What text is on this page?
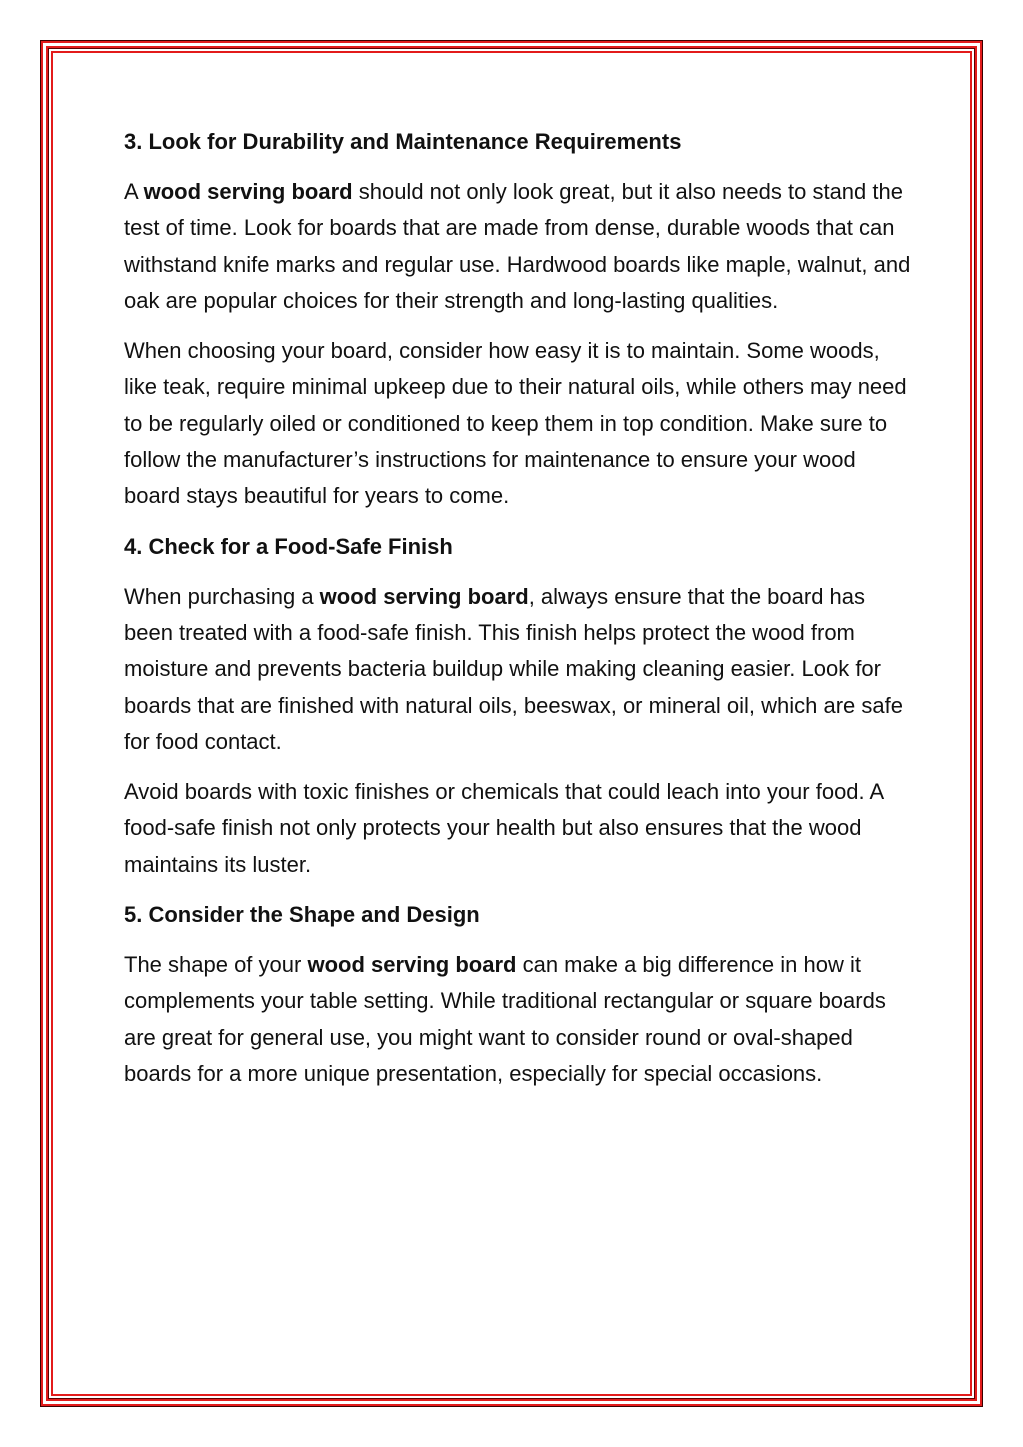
3. Look for Durability and Maintenance Requirements

A wood serving board should not only look great, but it also needs to stand the test of time. Look for boards that are made from dense, durable woods that can withstand knife marks and regular use. Hardwood boards like maple, walnut, and oak are popular choices for their strength and long-lasting qualities.

When choosing your board, consider how easy it is to maintain. Some woods, like teak, require minimal upkeep due to their natural oils, while others may need to be regularly oiled or conditioned to keep them in top condition. Make sure to follow the manufacturer’s instructions for maintenance to ensure your wood board stays beautiful for years to come.

4. Check for a Food-Safe Finish

When purchasing a wood serving board, always ensure that the board has been treated with a food-safe finish. This finish helps protect the wood from moisture and prevents bacteria buildup while making cleaning easier. Look for boards that are finished with natural oils, beeswax, or mineral oil, which are safe for food contact.

Avoid boards with toxic finishes or chemicals that could leach into your food. A food-safe finish not only protects your health but also ensures that the wood maintains its luster.

5. Consider the Shape and Design

The shape of your wood serving board can make a big difference in how it complements your table setting. While traditional rectangular or square boards are great for general use, you might want to consider round or oval-shaped boards for a more unique presentation, especially for special occasions.
